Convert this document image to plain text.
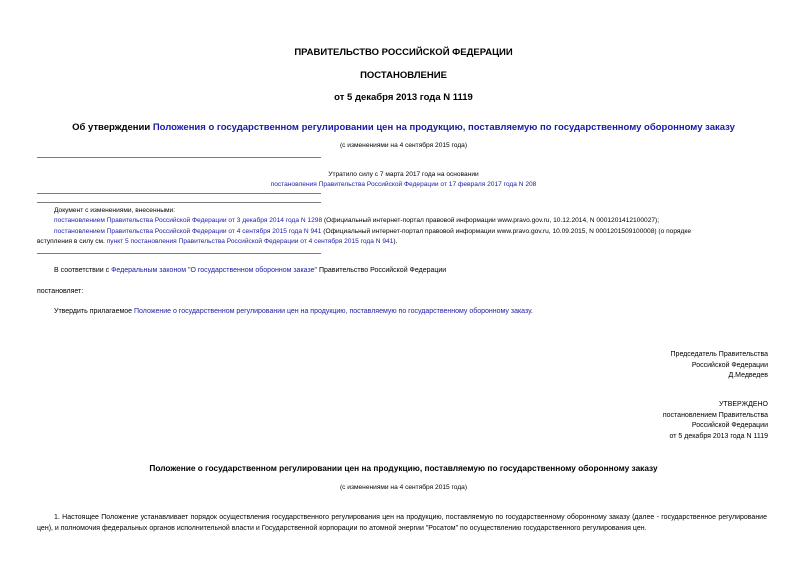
ПРАВИТЕЛЬСТВО РОССИЙСКОЙ ФЕДЕРАЦИИ
ПОСТАНОВЛЕНИЕ
от 5 декабря 2013 года N 1119
Об утверждении Положения о государственном регулировании цен на продукцию, поставляемую по государственному оборонному заказу
(с изменениями на 4 сентября 2015 года)
Утратило силу с 7 марта 2017 года на основании
постановления Правительства Российской Федерации от 17 февраля 2017 года N 208
Документ с изменениями, внесенными:
постановлением Правительства Российской Федерации от 3 декабря 2014 года N 1298 (Официальный интернет-портал правовой информации www.pravo.gov.ru, 10.12.2014, N 0001201412100027);
постановлением Правительства Российской Федерации от 4 сентября 2015 года N 941 (Официальный интернет-портал правовой информации www.pravo.gov.ru, 10.09.2015, N 0001201509100008) (о порядке
вступления в силу см. пункт 5 постановления Правительства Российской Федерации от 4 сентября 2015 года N 941).
В соответствии с Федеральным законом "О государственном оборонном заказе" Правительство Российской Федерации
постановляет:
Утвердить прилагаемое Положение о государственном регулировании цен на продукцию, поставляемую по государственному оборонному заказу.
Председатель Правительства
Российской Федерации
Д.Медведев
УТВЕРЖДЕНО
постановлением Правительства
Российской Федерации
от 5 декабря 2013 года N 1119
Положение о государственном регулировании цен на продукцию, поставляемую по государственному оборонному заказу
(с изменениями на 4 сентября 2015 года)
1. Настоящее Положение устанавливает порядок осуществления государственного регулирования цен на продукцию, поставляемую по государственному оборонному заказу (далее - государственное регулирование цен), и полномочия федеральных органов исполнительной власти и Государственной корпорации по атомной энергии "Росатом" по осуществлению государственного регулирования цен.
